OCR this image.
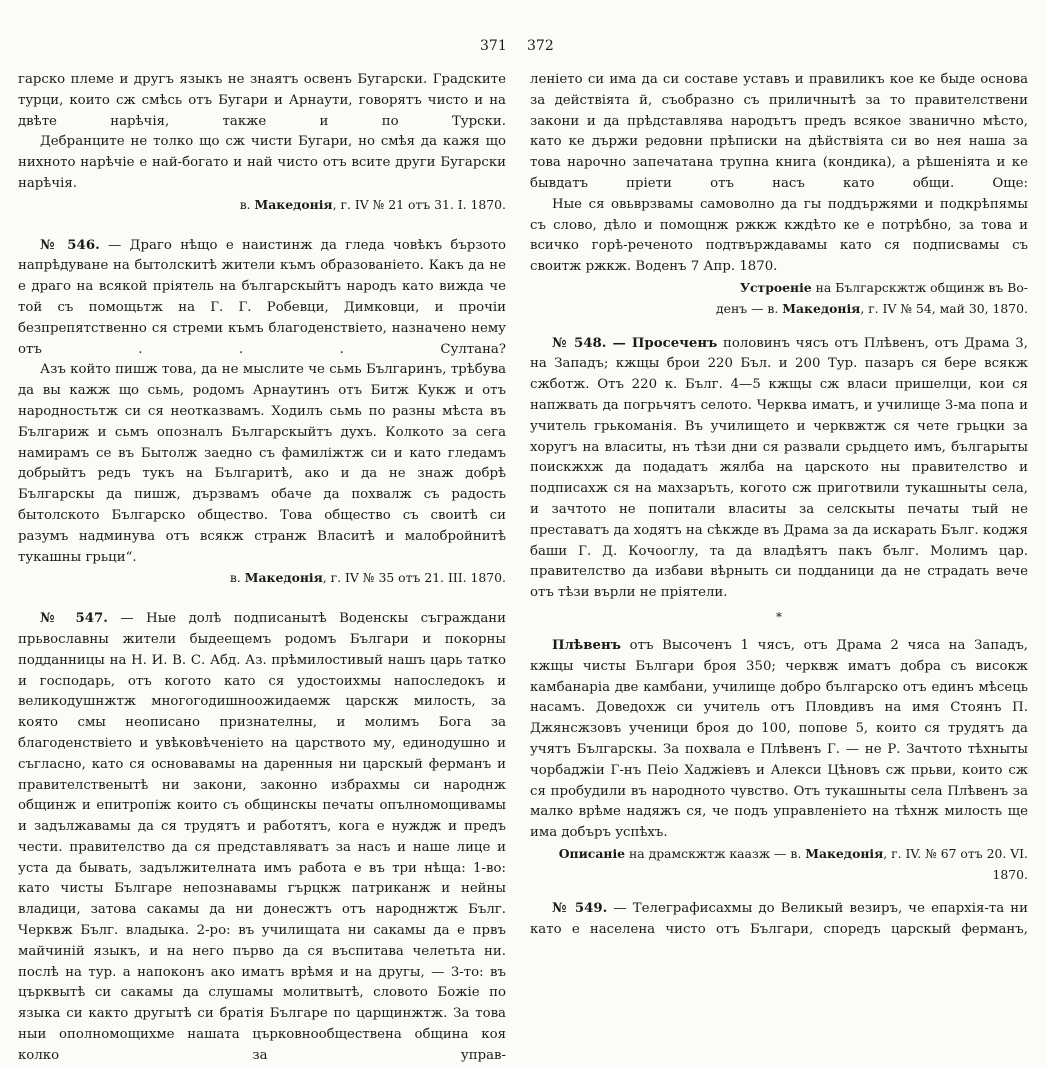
371 372

гарско племе и другъ языкъ не знаятъ освенъ Бугарски. Градските турци, които сж смѣсь отъ Бугари и Арнаути, говорятъ чисто и на двѣте нарѣчія, также и по Турски.

Дебранците не толко що сж чисти Бугари, но смѣя да кажя що нихното нарѣчіе е най-богато и най чисто отъ всите други Бугарски нарѣчія.

в. Македонія, г. IV № 21 отъ 31. I. 1870.

№ 546. — Драго нѣщо е наистинж да гледа човѣкъ бързото напрѣдуване на бытолскитѣ жители къмъ образованіето. Какъ да не е драго на всякой пріятель на българскыйтъ народъ като вижда че той съ помощьтж на Г. Г. Робевци, Димковци, и прочіи безпрепятственно ся стреми къмъ благоденствіето, назначено нему отъ . . . Султана?

Азъ който пишж това, да не мыслите че сьмь Българинъ, трѣбува да вы кажж що сьмь, родомъ Арнаутинъ отъ Битж Кукж и отъ народностьтж си ся неотказвамъ. Ходилъ сьмь по разны мѣста въ Българиж и сьмъ опозналъ Българскыйтъ духъ. Колкото за сега намирамъ се въ Бытолж заедно съ фамиліжтж си и като гледамъ добрыйтъ редъ тукъ на Българитѣ, ако и да не знаж добрѣ Българскы да пишж, дързвамъ обаче да похвалж съ радость бытолското Българско общество. Това общество съ своитѣ си разумъ надминува отъ всякж странж Власитѣ и малобройнитѣ тукашны грьци“.

в. Македонія, г. IV № 35 отъ 21. III. 1870.

№ 547. — Ные долѣ подписанытѣ Воденскы съграждани прьвославны жители быдеещемъ родомъ Българи и покорны подданницы на Н. И. В. С. Абд. Аз. прѣмилостивый нашъ царь татко и господарь, отъ когото като ся удостоихмы напоследокъ и великодушнжтж многогодишноожидаемж царскж милость, за която смы неописано признателны, и молимъ Бога за благоденствіето и увѣковѣченіето на царството му, единодушно и съгласно, като ся основавамы на даренныя ни царскый ферманъ и правителственытѣ ни закони, законно избрахмы си народнж общинж и епитропіж които съ общинскы печаты опълномощивамы и задължавамы да ся трудятъ и работятъ, кога е нуждж и предъ чести. правителство да ся представляватъ за насъ и наше лице и уста да бывать, задължителната имъ работа е въ три нѣща: 1-во: като чисты Българе непознавамы гърцкж патриканж и нейны владици, затова сакамы да ни донесжтъ отъ народнжтж Бълг. Черквж Бълг. владыка. 2-ро: въ училищата ни сакамы да е првъ майчиній языкъ, и на него първо да ся въспитава челетьта ни. послѣ на тур. а напоконъ ако иматъ врѣмя и на другы, — 3-то: въ църквытѣ си сакамы да слушамы молитвытѣ, словото Божіе по языка си както другытѣ си братія Българе по царщинжтж. За това ныи ополномощихме нашата църковнообществена община коя колко за управ-

леніето си има да си составе уставъ и правиликъ кое ке быде основа за действіята й, съобразно съ приличнытѣ за то правителствени закони и да прѣдставлява народътъ предъ всякое званично мѣсто, като ке държи редовни прѣписки на дѣйствіята си во нея наша за това нарочно запечатана трупна книга (кондика), а рѣшеніята и ке бывдатъ пріети отъ насъ като общи. Още:

Ные ся овьврзвамы самоволно да гы поддържями и подкрѣпямы съ слово, дѣло и помощнж ржкж кждѣто ке е потрѣбно, за това и всичко горѣ-реченото подтвърждавамы като ся подписвамы съ своитж ржкж. Воденъ 7 Апр. 1870.

Устроеніе на Българскжтж общинж въ Во-
денъ — в. Македонія, г. IV № 54, май 30, 1870.

№ 548. — Просеченъ половинъ чясъ отъ Плѣвенъ, отъ Драма 3, на Западъ; кжщы брои 220 Бъл. и 200 Тур. пазаръ ся бере всякж сжботж. Отъ 220 к. Бълг. 4—5 кжщы сж власи пришелци, кои ся напжвать да погрьчятъ селото. Черква иматъ, и училище 3-ма попа и учитель грькоманія. Въ училището и черквжтж ся чете грьцки за хоругъ на власиты, нъ тѣзи дни ся развали срьдцето имъ, българыты поискжхж да подадатъ жялба на царското ны правителство и подписахж ся на махзаръть, когото сж приготвили тукашныты села, и зачтото не попитали власиты за селскыты печаты тый не преставатъ да ходятъ на сѣкжде въ Драма за да искарать Бълг. коджя баши Г. Д. Кочооглу, та да владѣятъ пакъ бълг. Молимъ цар. правителство да избави вѣрныть си подданици да не страдать вече отъ тѣзи върли не пріятели.

*

Плѣвенъ отъ Высоченъ 1 чясъ, отъ Драма 2 чяса на Западъ, кжщы чисты Българи броя 350; черквж иматъ добра съ високж камбанаріа две камбани, училище добро българско отъ единъ мѣсець насамъ. Доведохж си учитель отъ Пловдивъ на имя Стоянъ П. Джянсжзовъ ученици броя до 100, попове 5, които ся трудятъ да учятъ Българскы. За похвала е Плѣвенъ Г. — не Р. Зачтото тѣхныты чорбаджіи Г-нъ Пеіо Хаджіевъ и Алекси Цѣновъ сж прьви, които сж ся пробудили въ народното чувство. Отъ тукашныты села Плѣвенъ за малко врѣме надяжъ ся, че подъ управленіето на тѣхнж милость ще има добъръ успѣхъ.

Описаніе на драмскжтж каазж — в. Македонія, г. IV. № 67 отъ 20. VI. 1870.

№ 549. — Телеграфисахмы до Великый везиръ, че епархія-та ни като е населена чисто отъ Българи, споредъ царскый ферманъ,
